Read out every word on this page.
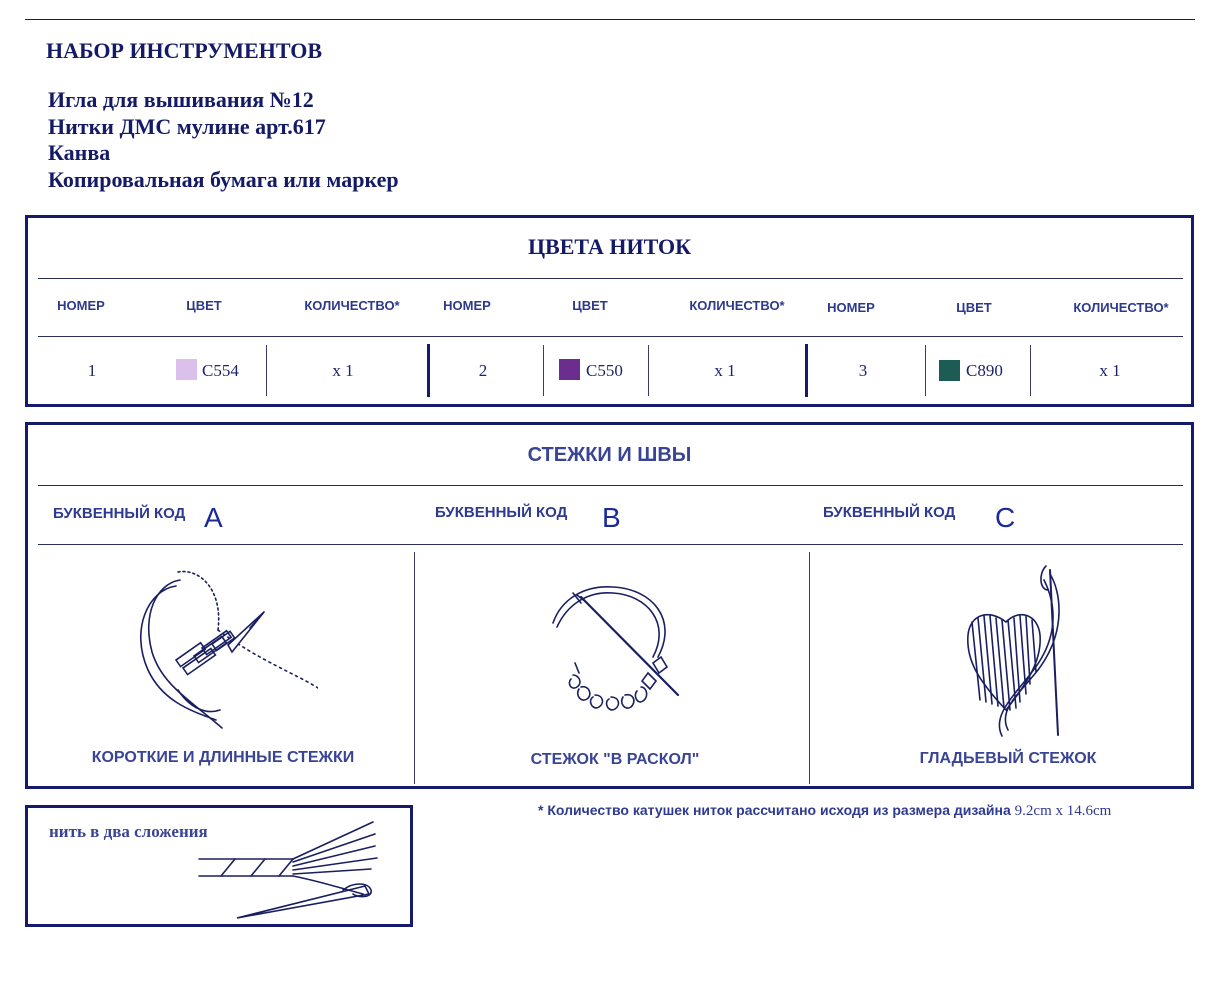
НАБОР ИНСТРУМЕНТОВ
Игла для вышивания №12
Нитки ДМС мулине арт.617
Канва
Копировальная бумага или маркер
ЦВЕТА НИТОК
НОМЕР	ЦВЕТ	КОЛИЧЕСТВО*	НОМЕР	ЦВЕТ	КОЛИЧЕСТВО*	НОМЕР	ЦВЕТ	КОЛИЧЕСТВО*
1	C554	x 1	2	C550	x 1	3	C890	x 1
СТЕЖКИ И ШВЫ
БУКВЕННЫЙ КОД A	БУКВЕННЫЙ КОД B	БУКВЕННЫЙ КОД C
КОРОТКИЕ И ДЛИННЫЕ СТЕЖКИ	СТЕЖОК "В РАСКОЛ"	ГЛАДЬЕВЫЙ СТЕЖОК
нить в два сложения
* Количество катушек ниток рассчитано исходя из размера дизайна 9.2cm x 14.6cm
